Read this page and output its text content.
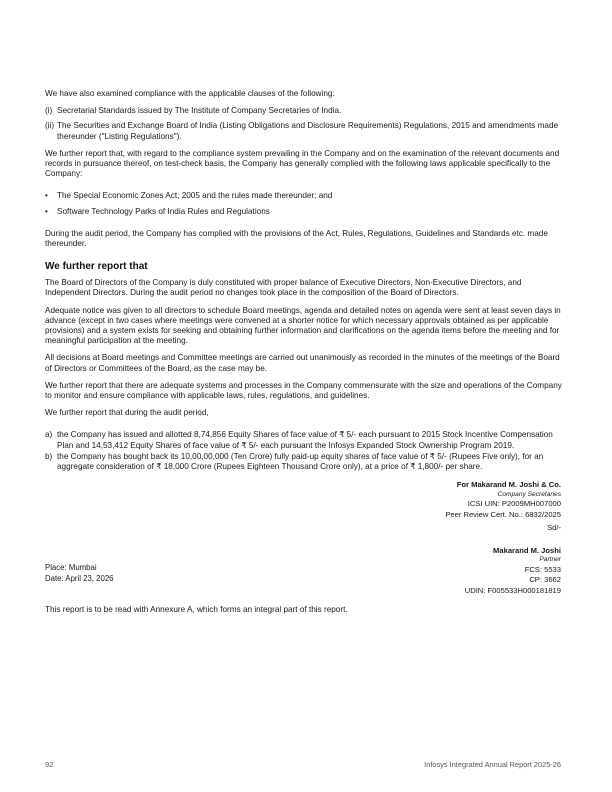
We have also examined compliance with the applicable clauses of the following:

(i) Secretarial Standards issued by The Institute of Company Secretaries of India.
(ii) The Securities and Exchange Board of India (Listing Obligations and Disclosure Requirements) Regulations, 2015 and amendments made thereunder ("Listing Regulations").

We further report that, with regard to the compliance system prevailing in the Company and on the examination of the relevant documents and records in pursuance thereof, on test-check basis, the Company has generally complied with the following laws applicable specifically to the Company:

•	The Special Economic Zones Act, 2005 and the rules made thereunder; and
•	Software Technology Parks of India Rules and Regulations

During the audit period, the Company has complied with the provisions of the Act, Rules, Regulations, Guidelines and Standards etc. made thereunder.

We further report that

The Board of Directors of the Company is duly constituted with proper balance of Executive Directors, Non-Executive Directors, and Independent Directors. During the audit period no changes took place in the composition of the Board of Directors.

Adequate notice was given to all directors to schedule Board meetings, agenda and detailed notes on agenda were sent at least seven days in advance (except in two cases where meetings were convened at a shorter notice for which necessary approvals obtained as per applicable provisions) and a system exists for seeking and obtaining further information and clarifications on the agenda items before the meeting and for meaningful participation at the meeting.

All decisions at Board meetings and Committee meetings are carried out unanimously as recorded in the minutes of the meetings of the Board of Directors or Committees of the Board, as the case may be.

We further report that there are adequate systems and processes in the Company commensurate with the size and operations of the Company to monitor and ensure compliance with applicable laws, rules, regulations, and guidelines.

We further report that during the audit period,

a) the Company has issued and allotted 8,74,856 Equity Shares of face value of ₹ 5/- each pursuant to 2015 Stock Incentive Compensation Plan and 14,53,412 Equity Shares of face value of ₹ 5/- each pursuant the Infosys Expanded Stock Ownership Program 2019.
b) the Company has bought back its 10,00,00,000 (Ten Crore) fully paid-up equity shares of face value of ₹ 5/- (Rupees Five only), for an aggregate consideration of ₹ 18,000 Crore (Rupees Eighteen Thousand Crore only), at a price of ₹ 1,800/- per share.
For Makarand M. Joshi & Co.
Company Secretaries
ICSI UIN: P2009MH007000
Peer Review Cert. No.: 6832/2025
Sd/-
Makarand M. Joshi
Partner
FCS: 5533
CP: 3662
UDIN: F005533H000181819
Place: Mumbai
Date: April 23, 2026
This report is to be read with Annexure A, which forms an integral part of this report.
92	Infosys Integrated Annual Report 2025-26
